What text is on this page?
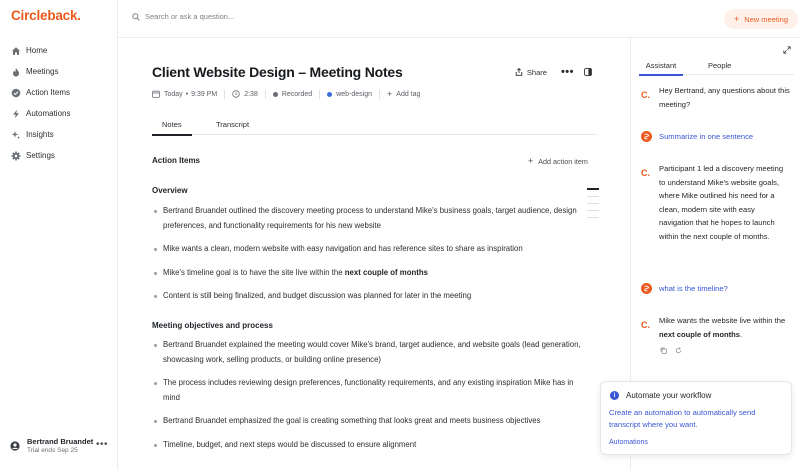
Circleback.
Home
Meetings
Action Items
Automations
Insights
Settings
Bertrand Bruandet
Trial ends Sep 25
•••
Search or ask a question...	+ New meeting
Client Website Design – Meeting Notes	Share •••
Today • 9:39 PM	2:38	Recorded	web-design + Add tag
Notes	Transcript
Action Items	+ Add action item
Overview
Bertrand Bruandet outlined the discovery meeting process to understand Mike's business goals, target audience, design preferences, and functionality requirements for his new website
Mike wants a clean, modern website with easy navigation and has reference sites to share as inspiration
Mike's timeline goal is to have the site live within the next couple of months
Content is still being finalized, and budget discussion was planned for later in the meeting
Meeting objectives and process
Bertrand Bruandet explained the meeting would cover Mike's brand, target audience, and website goals (lead generation, showcasing work, selling products, or building online presence)
The process includes reviewing design preferences, functionality requirements, and any existing inspiration Mike has in mind
Bertrand Bruandet emphasized the goal is creating something that looks great and meets business objectives
Timeline, budget, and next steps would be discussed to ensure alignment
Assistant	People
C.	Hey Bertrand, any questions about this meeting?
Summarize in one sentence
C.	Participant 1 led a discovery meeting to understand Mike's website goals, where Mike outlined his need for a clean, modern site with easy navigation that he hopes to launch within the next couple of months.
what is the timeline?
C.	Mike wants the website live within the next couple of months.
i	Automate your workflow
Create an automation to automatically send transcript where you want.
Automations
